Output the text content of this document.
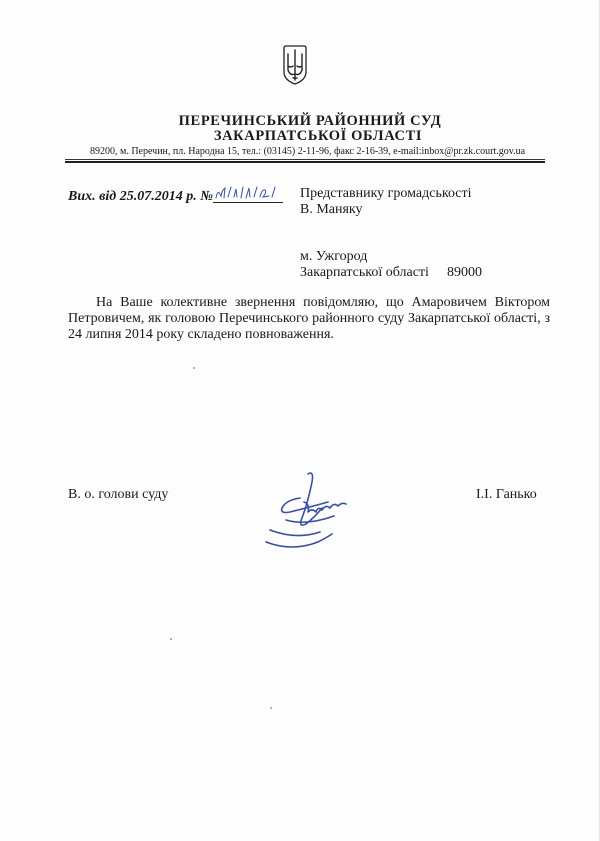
ПЕРЕЧИНСЬКИЙ РАЙОННИЙ СУД
ЗАКАРПАТСЬКОЇ ОБЛАСТІ
89200, м. Перечин, пл. Народна 15, тел.: (03145) 2-11-96, факс 2-16-39, e-mail:inbox@pr.zk.court.gov.ua
Вих. від 25.07.2014 р. №	Представнику громадськості
В. Маняку
м. Ужгород
Закарпатської області 89000

На Ваше колективне звернення повідомляю, що Амаровичем Віктором Петровичем, як головою Перечинського районного суду Закарпатської області, з 24 липня 2014 року складено повноваження.

В. о. голови суду	І.І. Ганько
